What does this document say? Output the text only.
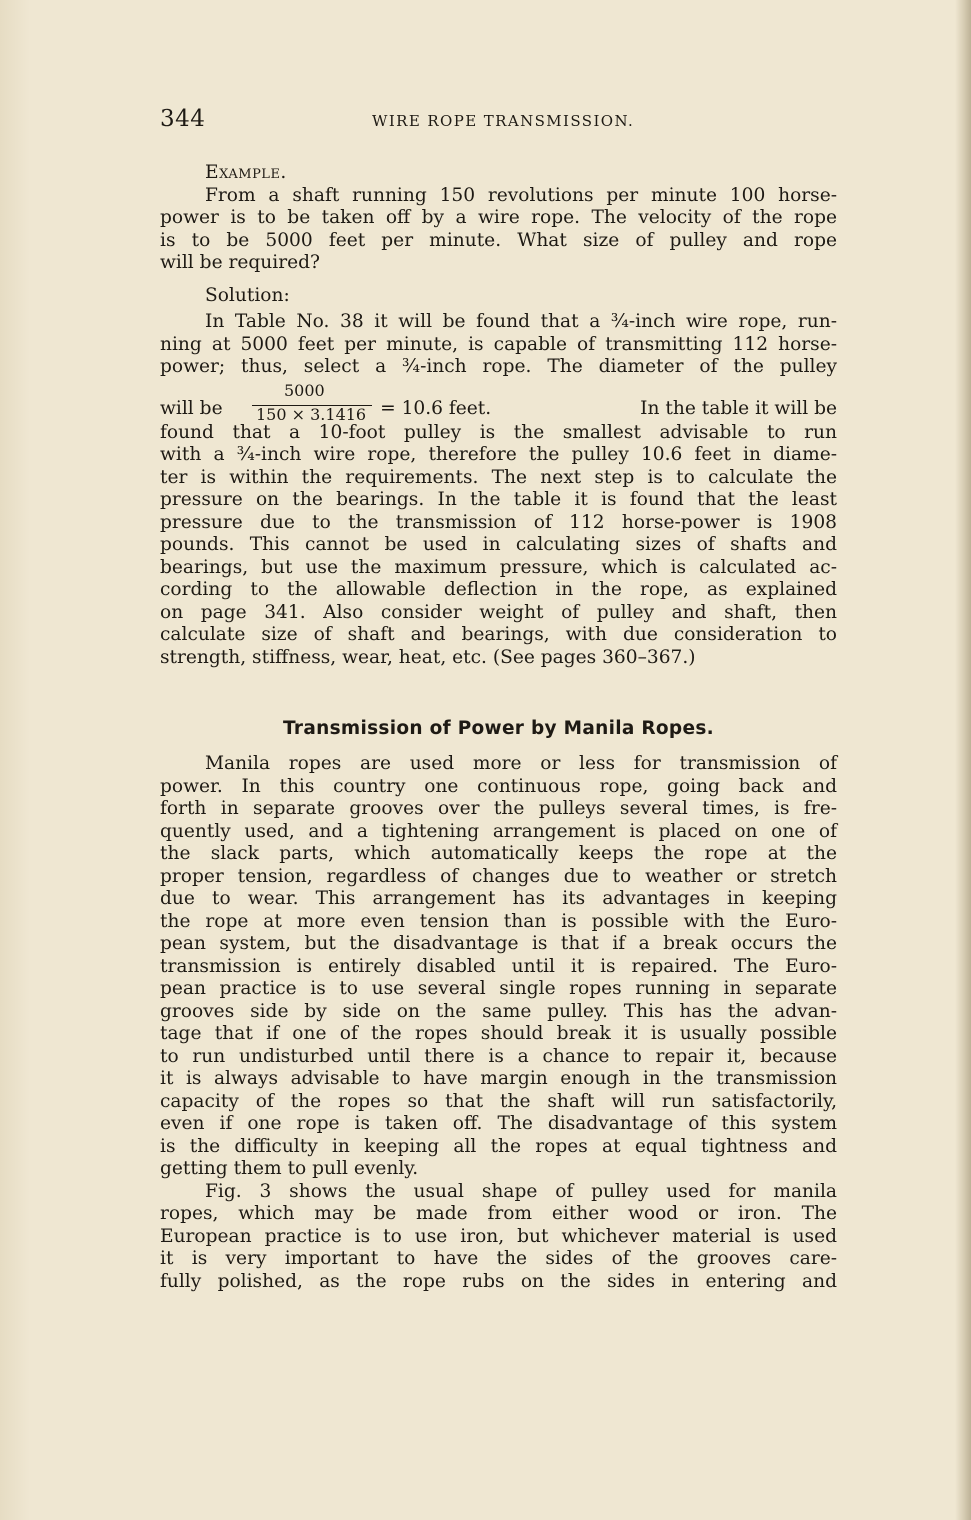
344	WIRE ROPE TRANSMISSION.
Example.
From a shaft running 150 revolutions per minute 100 horse-
power is to be taken off by a wire rope. The velocity of the rope
is to be 5000 feet per minute. What size of pulley and rope
will be required?
Solution:
In Table No. 38 it will be found that a ¾-inch wire rope, run-
ning at 5000 feet per minute, is capable of transmitting 112 horse-
power; thus, select a ¾-inch rope. The diameter of the pulley
5000
will be	150 × 3.1416 = 10.6 feet.	In the table it will be
found that a 10-foot pulley is the smallest advisable to run
with a ¾-inch wire rope, therefore the pulley 10.6 feet in diame-
ter is within the requirements. The next step is to calculate the
pressure on the bearings. In the table it is found that the least
pressure due to the transmission of 112 horse-power is 1908
pounds. This cannot be used in calculating sizes of shafts and
bearings, but use the maximum pressure, which is calculated ac-
cording to the allowable deflection in the rope, as explained
on page 341. Also consider weight of pulley and shaft, then
calculate size of shaft and bearings, with due consideration to
strength, stiffness, wear, heat, etc. (See pages 360–367.)
Transmission of Power by Manila Ropes.
Manila ropes are used more or less for transmission of
power. In this country one continuous rope, going back and
forth in separate grooves over the pulleys several times, is fre-
quently used, and a tightening arrangement is placed on one of
the slack parts, which automatically keeps the rope at the
proper tension, regardless of changes due to weather or stretch
due to wear. This arrangement has its advantages in keeping
the rope at more even tension than is possible with the Euro-
pean system, but the disadvantage is that if a break occurs the
transmission is entirely disabled until it is repaired. The Euro-
pean practice is to use several single ropes running in separate
grooves side by side on the same pulley. This has the advan-
tage that if one of the ropes should break it is usually possible
to run undisturbed until there is a chance to repair it, because
it is always advisable to have margin enough in the transmission
capacity of the ropes so that the shaft will run satisfactorily,
even if one rope is taken off. The disadvantage of this system
is the difficulty in keeping all the ropes at equal tightness and
getting them to pull evenly.
Fig. 3 shows the usual shape of pulley used for manila
ropes, which may be made from either wood or iron. The
European practice is to use iron, but whichever material is used
it is very important to have the sides of the grooves care-
fully polished, as the rope rubs on the sides in entering and
